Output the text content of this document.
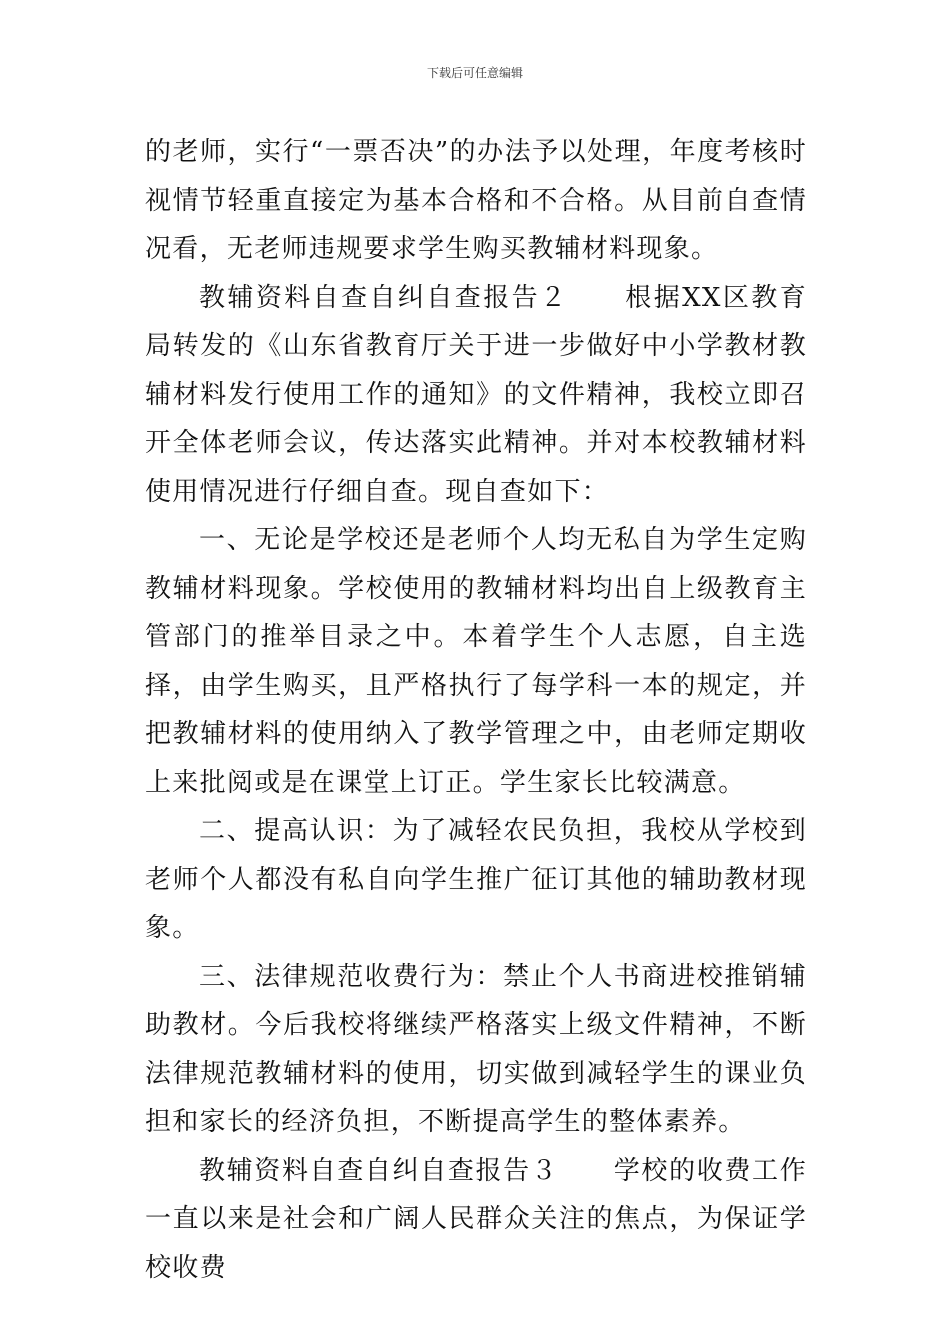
下载后可任意编辑

的老师，实行“一票否决”的办法予以处理，年度考核时视情节轻重直接定为基本合格和不合格。从目前自查情况看，无老师违规要求学生购买教辅材料现象。

教辅资料自查自纠自查报告２　　根据XX区教育局转发的《山东省教育厅关于进一步做好中小学教材教辅材料发行使用工作的通知》的文件精神，我校立即召开全体老师会议，传达落实此精神。并对本校教辅材料使用情况进行仔细自查。现自查如下：

一、无论是学校还是老师个人均无私自为学生定购教辅材料现象。学校使用的教辅材料均出自上级教育主管部门的推举目录之中。本着学生个人志愿，自主选择，由学生购买，且严格执行了每学科一本的规定，并把教辅材料的使用纳入了教学管理之中，由老师定期收上来批阅或是在课堂上订正。学生家长比较满意。

二、提高认识：为了减轻农民负担，我校从学校到老师个人都没有私自向学生推广征订其他的辅助教材现象。

三、法律规范收费行为：禁止个人书商进校推销辅助教材。今后我校将继续严格落实上级文件精神，不断法律规范教辅材料的使用，切实做到减轻学生的课业负担和家长的经济负担，不断提高学生的整体素养。

教辅资料自查自纠自查报告３　　学校的收费工作一直以来是社会和广阔人民群众关注的焦点，为保证学校收费
